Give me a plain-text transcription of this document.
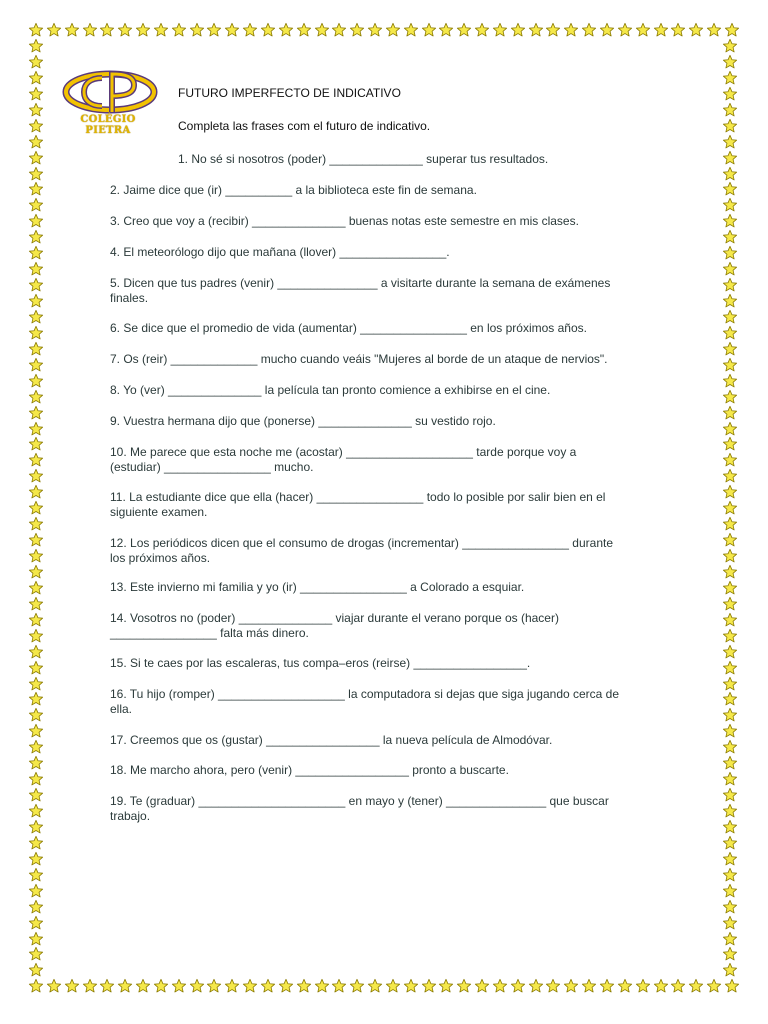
COLÉGIO PIETRA
FUTURO IMPERFECTO DE INDICATIVO
Completa las frases com el futuro de indicativo.
1. No sé si nosotros (poder) ______________ superar tus resultados.
2. Jaime dice que (ir) __________ a la biblioteca este fin de semana.
3. Creo que voy a (recibir) ______________ buenas notas este semestre en mis clases.
4. El meteorólogo dijo que mañana (llover) ________________.
5. Dicen que tus padres (venir) _______________ a visitarte durante la semana de exámenes
finales.
6. Se dice que el promedio de vida (aumentar) ________________ en los próximos años.
7. Os (reir) _____________ mucho cuando veáis "Mujeres al borde de un ataque de nervios".
8. Yo (ver) ______________ la película tan pronto comience a exhibirse en el cine.
9. Vuestra hermana dijo que (ponerse) ______________ su vestido rojo.
10. Me parece que esta noche me (acostar) ___________________ tarde porque voy a
(estudiar) ________________ mucho.
11. La estudiante dice que ella (hacer) ________________ todo lo posible por salir bien en el
siguiente examen.
12. Los periódicos dicen que el consumo de drogas (incrementar) ________________ durante
los próximos años.
13. Este invierno mi familia y yo (ir) ________________ a Colorado a esquiar.
14. Vosotros no (poder) ______________ viajar durante el verano porque os (hacer)
________________ falta más dinero.
15. Si te caes por las escaleras, tus compa–eros (reirse) _________________.
16. Tu hijo (romper) ___________________ la computadora si dejas que siga jugando cerca de
ella.
17. Creemos que os (gustar) _________________ la nueva película de Almodóvar.
18. Me marcho ahora, pero (venir) _________________ pronto a buscarte.
19. Te (graduar) ______________________ en mayo y (tener) _______________ que buscar
trabajo.
